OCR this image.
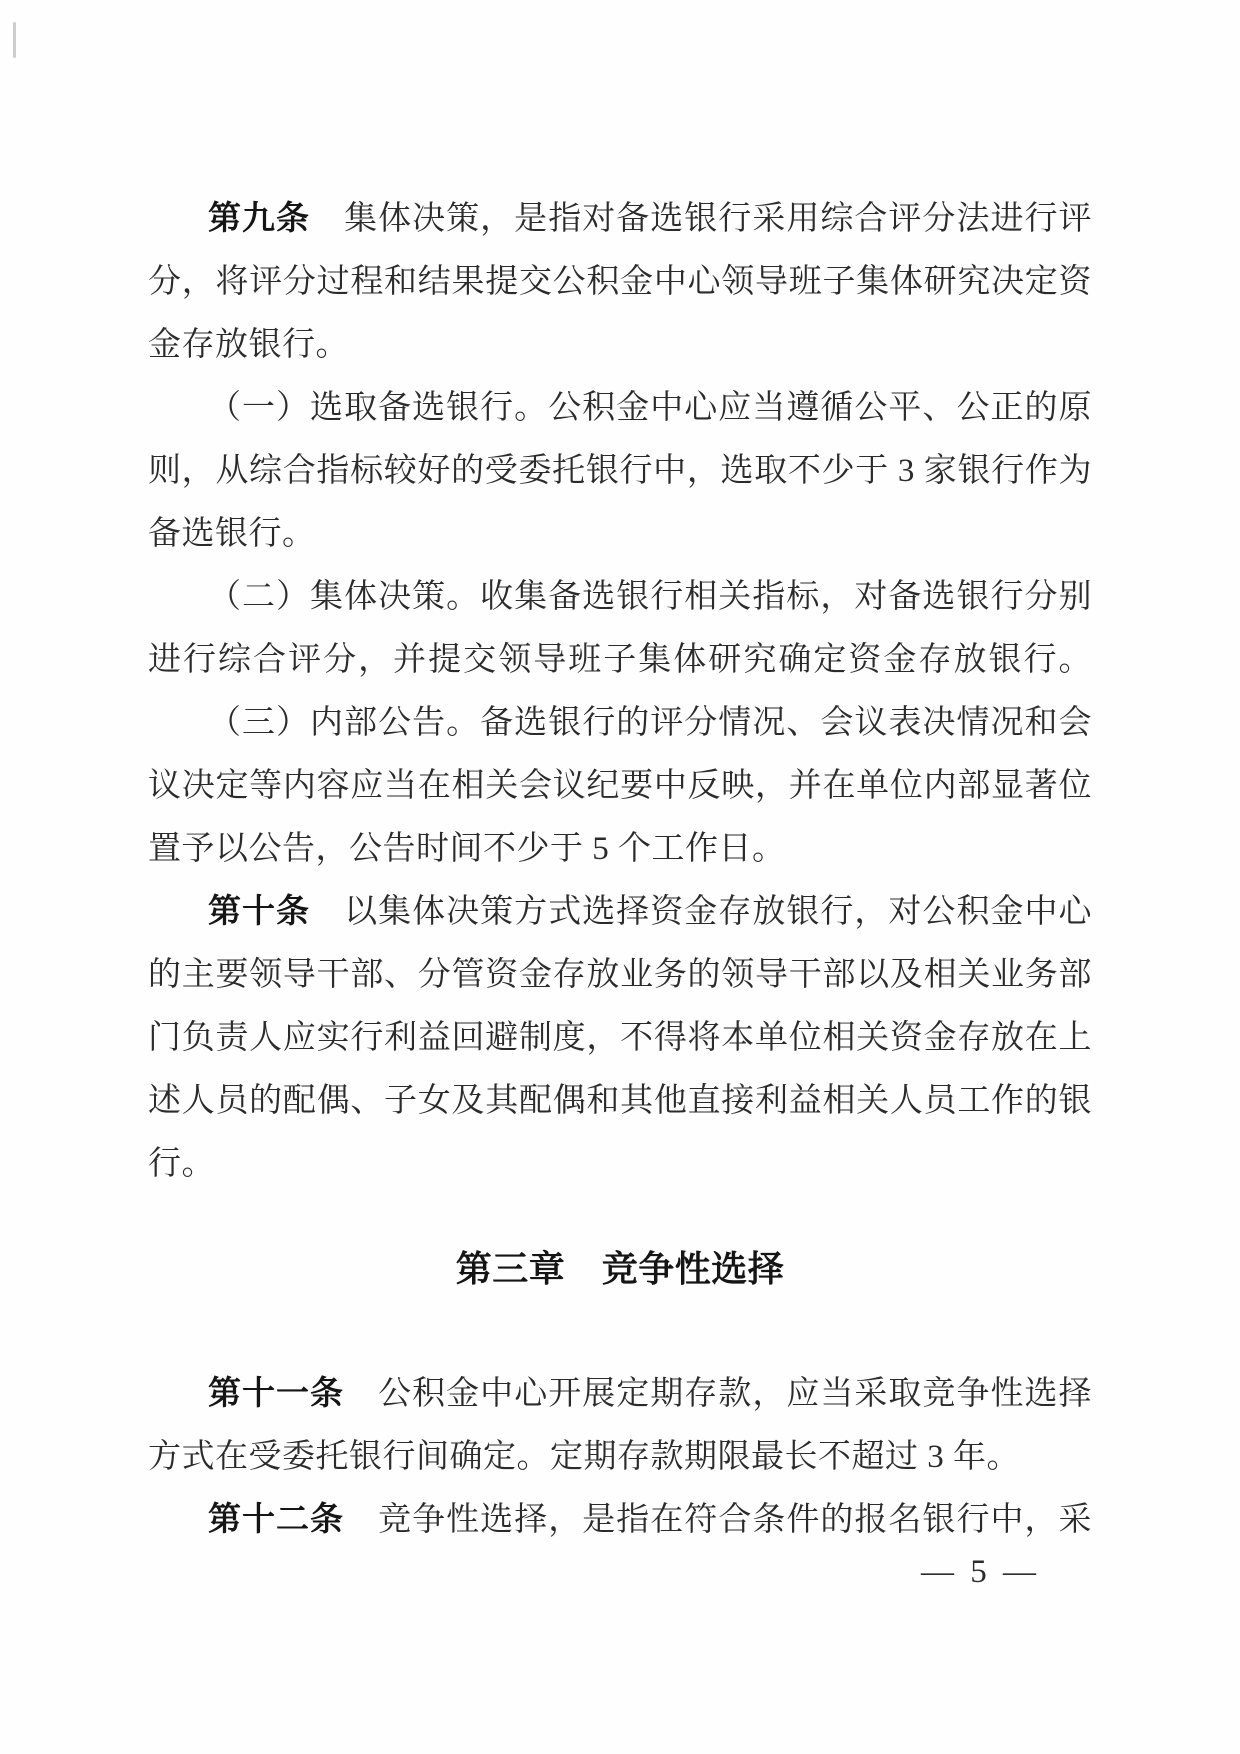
第九条　集体决策，是指对备选银行采用综合评分法进行评
分，将评分过程和结果提交公积金中心领导班子集体研究决定资
金存放银行。
（一）选取备选银行。公积金中心应当遵循公平、公正的原
则，从综合指标较好的受委托银行中，选取不少于 3 家银行作为
备选银行。
（二）集体决策。收集备选银行相关指标，对备选银行分别
进行综合评分，并提交领导班子集体研究确定资金存放银行。
（三）内部公告。备选银行的评分情况、会议表决情况和会
议决定等内容应当在相关会议纪要中反映，并在单位内部显著位
置予以公告，公告时间不少于 5 个工作日。
第十条　以集体决策方式选择资金存放银行，对公积金中心
的主要领导干部、分管资金存放业务的领导干部以及相关业务部
门负责人应实行利益回避制度，不得将本单位相关资金存放在上
述人员的配偶、子女及其配偶和其他直接利益相关人员工作的银
行。
第三章　竞争性选择
第十一条　公积金中心开展定期存款，应当采取竞争性选择
方式在受委托银行间确定。定期存款期限最长不超过 3 年。
第十二条　竞争性选择，是指在符合条件的报名银行中，采
— 5 —
